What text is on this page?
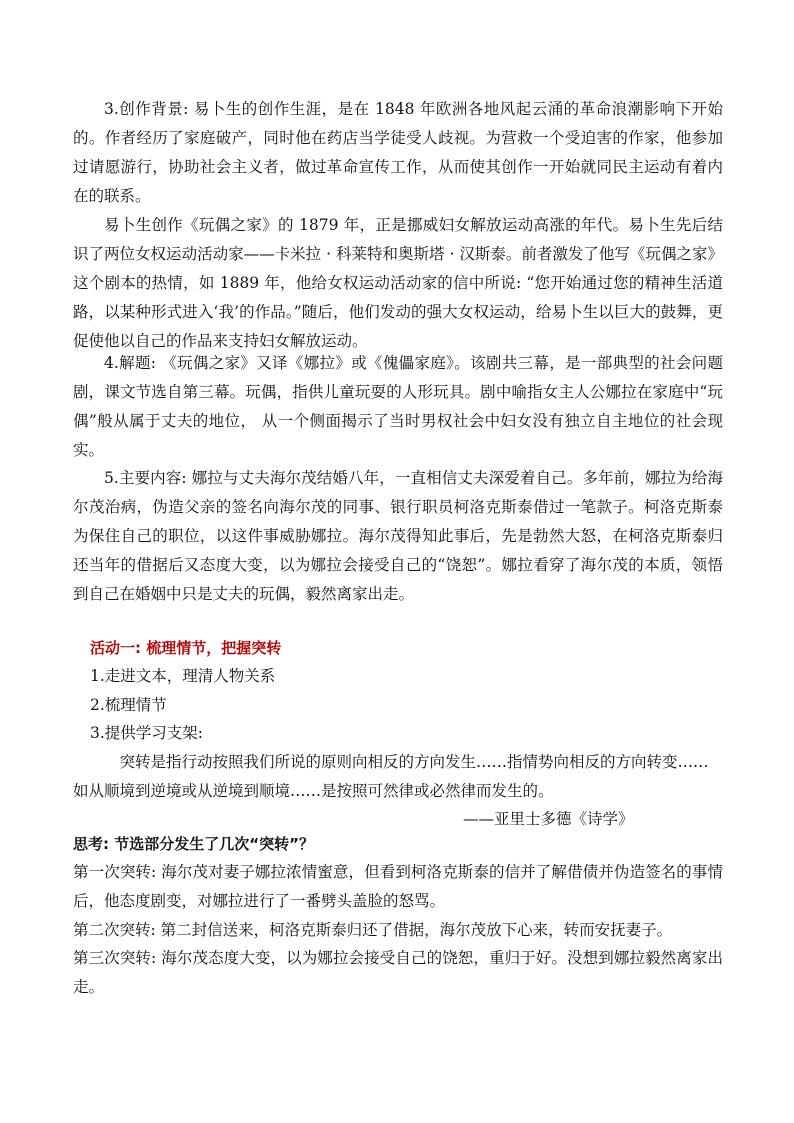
3.创作背景: 易卜生的创作生涯，是在 1848 年欧洲各地风起云涌的革命浪潮影响下开始的。作者经历了家庭破产，同时他在药店当学徒受人歧视。为营救一个受迫害的作家，他参加过请愿游行，协助社会主义者，做过革命宣传工作，从而使其创作一开始就同民主运动有着内在的联系。

易卜生创作《玩偶之家》的 1879 年，正是挪威妇女解放运动高涨的年代。易卜生先后结识了两位女权运动活动家——卡米拉 · 科莱特和奥斯塔 · 汉斯泰。前者激发了他写《玩偶之家》这个剧本的热情，如 1889 年，他给女权运动活动家的信中所说: “您开始通过您的精神生活道路，以某种形式进入‘我’的作品。”随后，他们发动的强大女权运动，给易卜生以巨大的鼓舞，更促使他以自己的作品来支持妇女解放运动。

4.解题: 《玩偶之家》又译《娜拉》或《傀儡家庭》。该剧共三幕，是一部典型的社会问题剧，课文节选自第三幕。玩偶，指供儿童玩耍的人形玩具。剧中喻指女主人公娜拉在家庭中“玩偶”般从属于丈夫的地位， 从一个侧面揭示了当时男权社会中妇女没有独立自主地位的社会现实。

5.主要内容: 娜拉与丈夫海尔茂结婚八年，一直相信丈夫深爱着自己。多年前，娜拉为给海尔茂治病，伪造父亲的签名向海尔茂的同事、银行职员柯洛克斯泰借过一笔款子。柯洛克斯泰为保住自己的职位，以这件事威胁娜拉。海尔茂得知此事后，先是勃然大怒，在柯洛克斯泰归还当年的借据后又态度大变，以为娜拉会接受自己的“饶恕”。娜拉看穿了海尔茂的本质，领悟到自己在婚姻中只是丈夫的玩偶，毅然离家出走。

活动一: 梳理情节，把握突转

1.走进文本，理清人物关系

2.梳理情节

3.提供学习支架:

突转是指行动按照我们所说的原则向相反的方向发生……指情势向相反的方向转变……如从顺境到逆境或从逆境到顺境……是按照可然律或必然律而发生的。

——亚里士多德《诗学》

思考: 节选部分发生了几次“突转”？

第一次突转: 海尔茂对妻子娜拉浓情蜜意，但看到柯洛克斯泰的信并了解借债并伪造签名的事情后，他态度剧变，对娜拉进行了一番劈头盖脸的怒骂。

第二次突转: 第二封信送来，柯洛克斯泰归还了借据，海尔茂放下心来，转而安抚妻子。

第三次突转: 海尔茂态度大变，以为娜拉会接受自己的饶恕，重归于好。没想到娜拉毅然离家出走。
